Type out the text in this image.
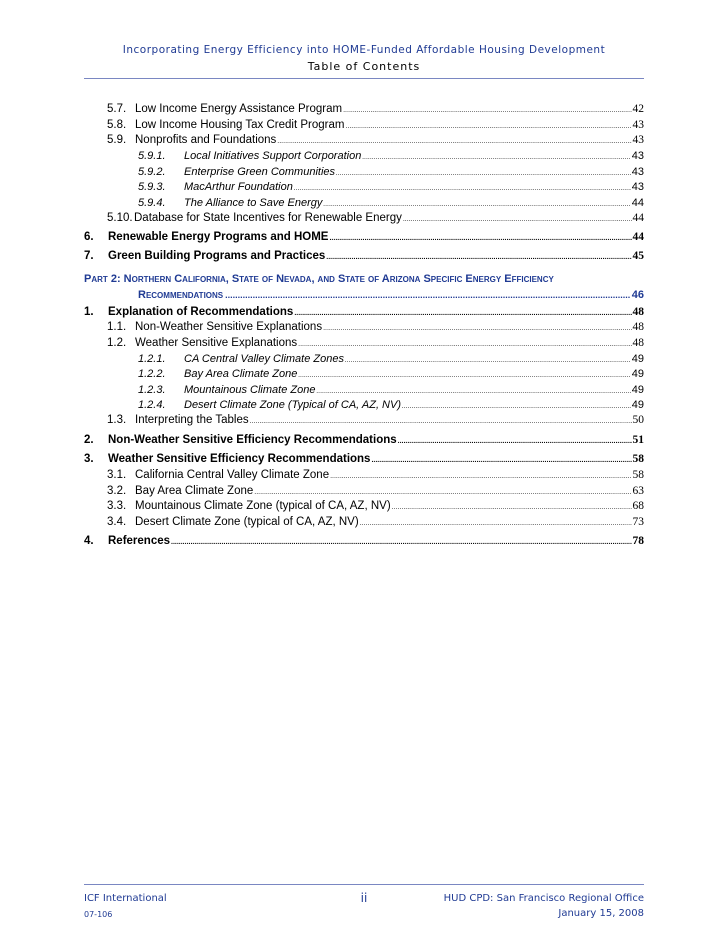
Incorporating Energy Efficiency into HOME-Funded Affordable Housing Development
Table of Contents
5.7. Low Income Energy Assistance Program .....	42
5.8. Low Income Housing Tax Credit Program .....	43
5.9. Nonprofits and Foundations .....	43
5.9.1.	Local Initiatives Support Corporation .....	43
5.9.2.	Enterprise Green Communities .....	43
5.9.3.	MacArthur Foundation .....	43
5.9.4.	The Alliance to Save Energy .....	44
5.10. Database for State Incentives for Renewable Energy .....	44
6.	Renewable Energy Programs and HOME .....	44
7.	Green Building Programs and Practices .....	45
Part 2: Northern California, State of Nevada, and State of Arizona Specific Energy Efficiency
Recommendations .....	46
1.	Explanation of Recommendations .....	48
1.1. Non-Weather Sensitive Explanations .....	48
1.2. Weather Sensitive Explanations .....	48
1.2.1.	CA Central Valley Climate Zones .....	49
1.2.2.	Bay Area Climate Zone .....	49
1.2.3.	Mountainous Climate Zone .....	49
1.2.4.	Desert Climate Zone (Typical of CA, AZ, NV) .....	49
1.3. Interpreting the Tables .....	50
2.	Non-Weather Sensitive Efficiency Recommendations .....	51
3.	Weather Sensitive Efficiency Recommendations .....	58
3.1. California Central Valley Climate Zone .....	58
3.2. Bay Area Climate Zone .....	63
3.3. Mountainous Climate Zone (typical of CA, AZ, NV) .....	68
3.4. Desert Climate Zone (typical of CA, AZ, NV) .....	73
4.	References .....	78
ICF International
07-106
ii	HUD CPD: San Francisco Regional Office
January 15, 2008
